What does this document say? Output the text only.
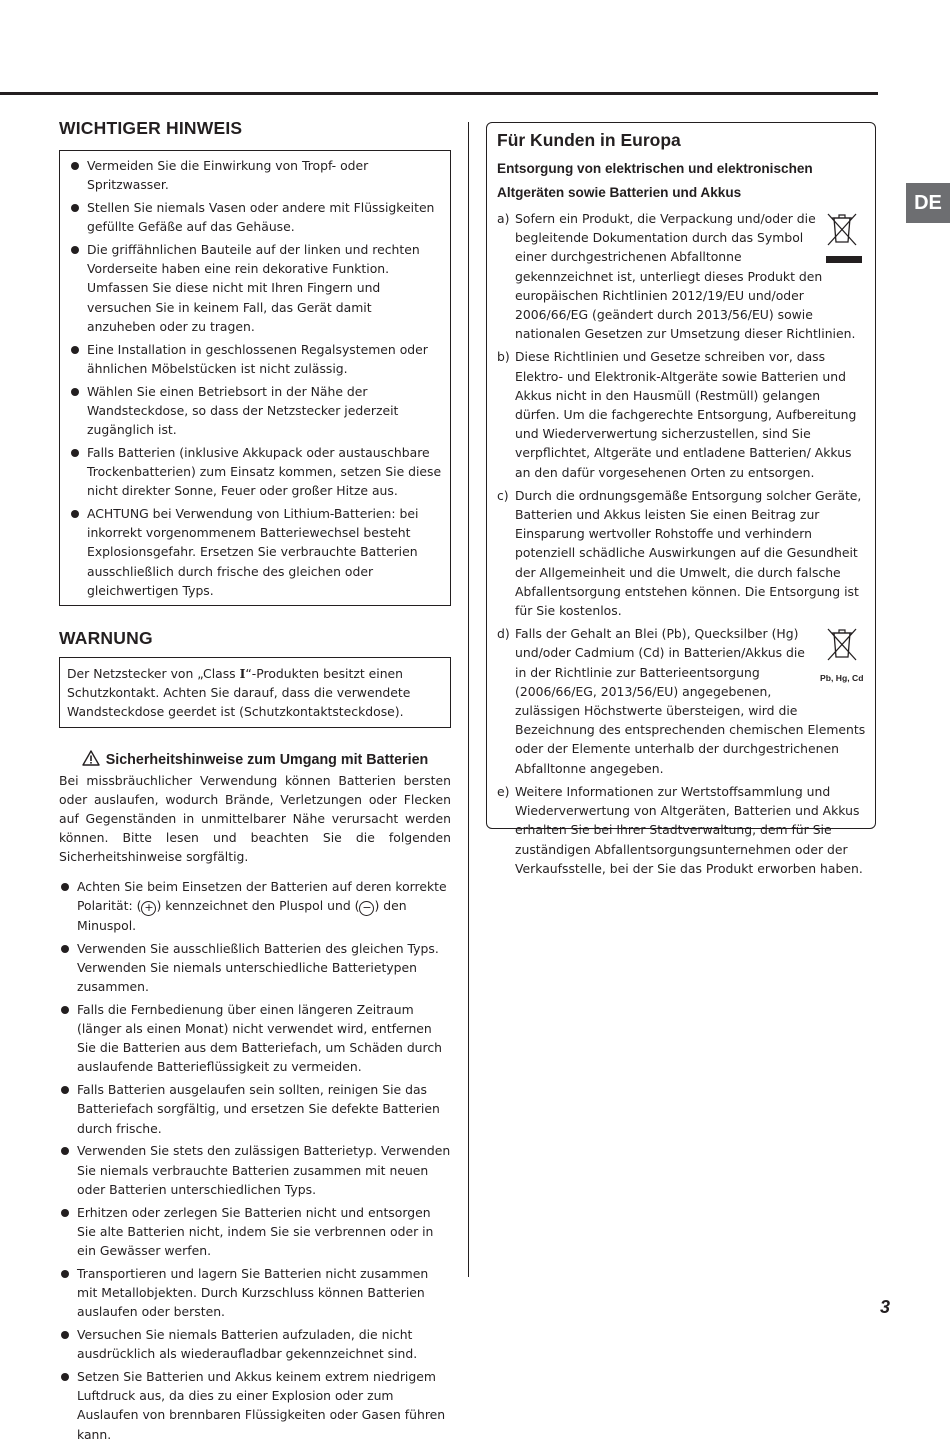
DE
WICHTIGER HINWEIS
Vermeiden Sie die Einwirkung von Tropf- oder Spritzwasser.
Stellen Sie niemals Vasen oder andere mit Flüssigkeiten gefüllte Gefäße auf das Gehäuse.
Die griffähnlichen Bauteile auf der linken und rechten Vorderseite haben eine rein dekorative Funktion. Umfassen Sie diese nicht mit Ihren Fingern und versuchen Sie in keinem Fall, das Gerät damit anzuheben oder zu tragen.
Eine Installation in geschlossenen Regalsystemen oder ähnlichen Möbelstücken ist nicht zulässig.
Wählen Sie einen Betriebsort in der Nähe der Wandsteckdose, so dass der Netzstecker jederzeit zugänglich ist.
Falls Batterien (inklusive Akkupack oder austauschbare Trockenbatterien) zum Einsatz kommen, setzen Sie diese nicht direkter Sonne, Feuer oder großer Hitze aus.
ACHTUNG bei Verwendung von Lithium-Batterien: bei inkorrekt vorgenommenem Batteriewechsel besteht Explosionsgefahr. Ersetzen Sie verbrauchte Batterien ausschließlich durch frische des gleichen oder gleichwertigen Typs.
WARNUNG
Der Netzstecker von „Class I“-Produkten besitzt einen Schutzkontakt. Achten Sie darauf, dass die verwendete Wandsteckdose geerdet ist (Schutzkontaktsteckdose).
Sicherheitshinweise zum Umgang mit Batterien
Bei missbräuchlicher Verwendung können Batterien bersten oder auslaufen, wodurch Brände, Verletzungen oder Flecken auf Gegenständen in unmittelbarer Nähe verursacht werden können. Bitte lesen und beachten Sie die folgenden Sicherheitshinweise sorgfältig.
Achten Sie beim Einsetzen der Batterien auf deren korrekte Polarität: ( + ) kennzeichnet den Pluspol und ( − ) den Minuspol.
Verwenden Sie ausschließlich Batterien des gleichen Typs. Verwenden Sie niemals unterschiedliche Batterietypen zusammen.
Falls die Fernbedienung über einen längeren Zeitraum (länger als einen Monat) nicht verwendet wird, entfernen Sie die Batterien aus dem Batteriefach, um Schäden durch auslaufende Batterieflüssigkeit zu vermeiden.
Falls Batterien ausgelaufen sein sollten, reinigen Sie das Batteriefach sorgfältig, und ersetzen Sie defekte Batterien durch frische.
Verwenden Sie stets den zulässigen Batterietyp. Verwenden Sie niemals verbrauchte Batterien zusammen mit neuen oder Batterien unterschiedlichen Typs.
Erhitzen oder zerlegen Sie Batterien nicht und entsorgen Sie alte Batterien nicht, indem Sie sie verbrennen oder in ein Gewässer werfen.
Transportieren und lagern Sie Batterien nicht zusammen mit Metallobjekten. Durch Kurzschluss können Batterien auslaufen oder bersten.
Versuchen Sie niemals Batterien aufzuladen, die nicht ausdrücklich als wiederaufladbar gekennzeichnet sind.
Setzen Sie Batterien und Akkus keinem extrem niedrigem Luftdruck aus, da dies zu einer Explosion oder zum Auslaufen von brennbaren Flüssigkeiten oder Gasen führen kann.
Für Kunden in Europa
Entsorgung von elektrischen und elektronischen
Altgeräten sowie Batterien und Akkus
a) Sofern ein Produkt, die Verpackung und/oder die begleitende Dokumentation durch das Symbol einer durchgestrichenen Abfalltonne gekennzeichnet ist, unterliegt dieses Produkt den europäischen Richtlinien 2012/19/EU und/oder 2006/66/EG (geändert durch 2013/56/EU) sowie nationalen Gesetzen zur Umsetzung dieser Richtlinien.
b) Diese Richtlinien und Gesetze schreiben vor, dass Elektro- und Elektronik-Altgeräte sowie Batterien und Akkus nicht in den Hausmüll (Restmüll) gelangen dürfen. Um die fachgerechte Entsorgung, Aufbereitung und Wiederverwertung sicherzustellen, sind Sie verpflichtet, Altgeräte und entladene Batterien/ Akkus an den dafür vorgesehenen Orten zu entsorgen.
c) Durch die ordnungsgemäße Entsorgung solcher Geräte, Batterien und Akkus leisten Sie einen Beitrag zur Einsparung wertvoller Rohstoffe und verhindern potenziell schädliche Auswirkungen auf die Gesundheit der Allgemeinheit und die Umwelt, die durch falsche Abfallentsorgung entstehen können. Die Entsorgung ist für Sie kostenlos.
d)
Pb, Hg, Cd
Falls der Gehalt an Blei (Pb), Quecksilber (Hg) und/oder Cadmium (Cd) in Batterien/Akkus die in der Richtlinie zur Batterieentsorgung (2006/66/EG, 2013/56/EU) angegebenen, zulässigen Höchstwerte übersteigen, wird die Bezeichnung des entsprechenden chemischen Elements oder der Elemente unterhalb der durchgestrichenen Abfalltonne angegeben.
e) Weitere Informationen zur Wertstoffsammlung und Wiederverwertung von Altgeräten, Batterien und Akkus erhalten Sie bei Ihrer Stadtverwaltung, dem für Sie zuständigen Abfallentsorgungsunternehmen oder der Verkaufsstelle, bei der Sie das Produkt erworben haben.
3
